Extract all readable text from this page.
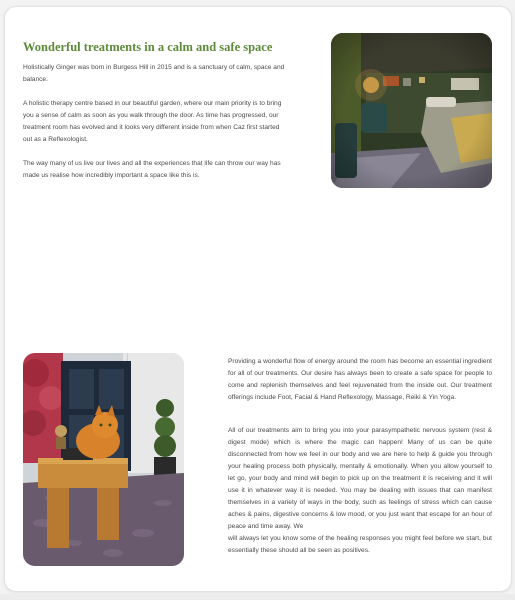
Wonderful treatments in a calm and safe space

Holistically Ginger was born in Burgess Hill in 2015 and is a sanctuary of calm, space and balance.

A holistic therapy centre based in our beautiful garden, where our main priority is to bring you a sense of calm as soon as you walk through the door. As time has progressed, our treatment room has evolved and it looks very different inside from when Caz first started out as a Reflexologist.

The way many of us live our lives and all the experiences that life can throw our way has made us realise how incredibly important a space like this is.

Providing a wonderful flow of energy around the room has become an essential ingredient for all of our treatments. Our desire has always been to create a safe space for people to come and replenish themselves and feel rejuvenated from the inside out. Our treatment offerings include Foot, Facial & Hand Reflexology, Massage, Reiki & Yin Yoga.

All of our treatments aim to bring you into your parasympathetic nervous system (rest & digest mode) which is where the magic can happen! Many of us can be quite disconnected from how we feel in our body and we are here to help & guide you through your healing process both physically, mentally & emotionally. When you allow yourself to let go, your body and mind will begin to pick up on the treatment it is receiving and it will use it in whatever way it is needed. You may be dealing with issues that can manifest themselves in a variety of ways in the body, such as feelings of stress which can cause aches & pains, digestive concerns & low mood, or you just want that escape for an hour of peace and time away. We

will always let you know some of the healing responses you might feel before we start, but essentially these should all be seen as positives.
